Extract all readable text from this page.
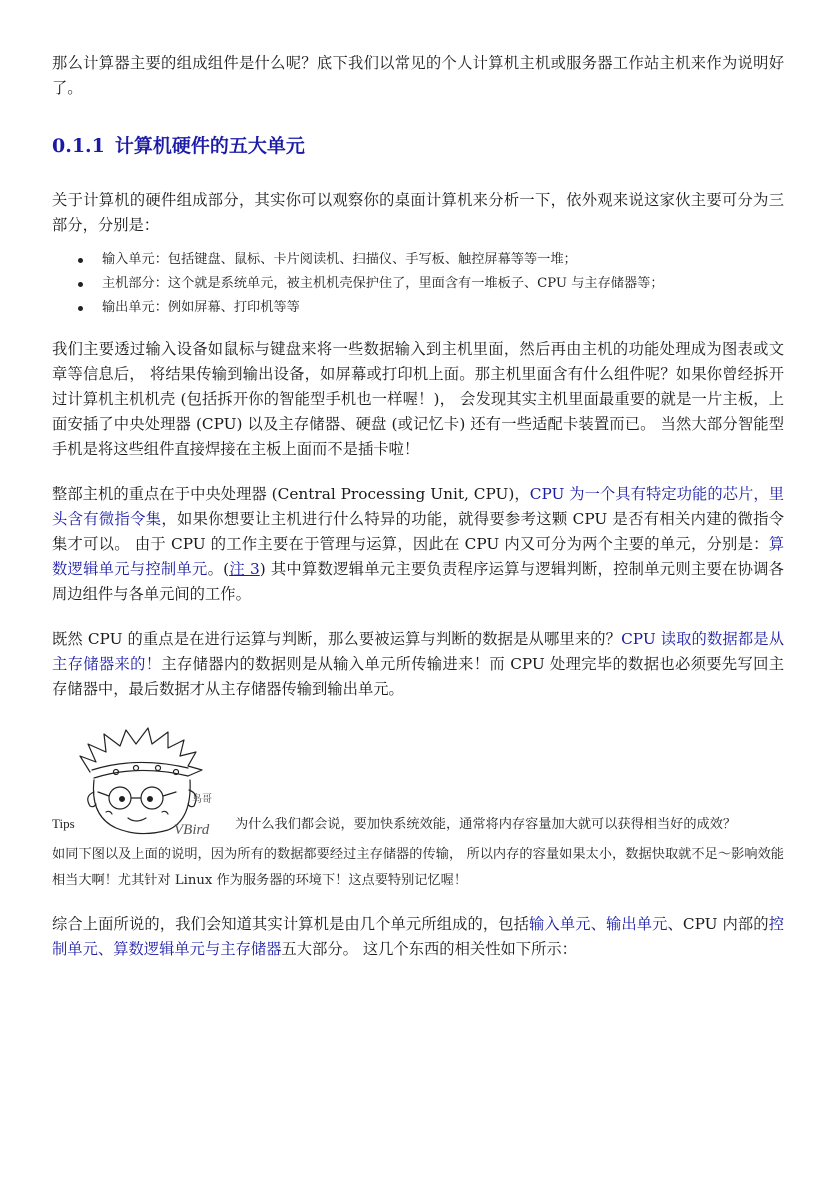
那么计算器主要的组成组件是什么呢？底下我们以常见的个人计算机主机或服务器工作站主机来作为说明好了。

0.1.1 计算机硬件的五大单元

关于计算机的硬件组成部分，其实你可以观察你的桌面计算机来分析一下，依外观来说这家伙主要可分为三部分，分别是：

输入单元：包括键盘、鼠标、卡片阅读机、扫描仪、手写板、触控屏幕等等一堆；
主机部分：这个就是系统单元，被主机机壳保护住了，里面含有一堆板子、CPU 与主存储器等；
输出单元：例如屏幕、打印机等等

我们主要透过输入设备如鼠标与键盘来将一些数据输入到主机里面，然后再由主机的功能处理成为图表或文章等信息后， 将结果传输到输出设备，如屏幕或打印机上面。那主机里面含有什么组件呢？如果你曾经拆开过计算机主机机壳 (包括拆开你的智能型手机也一样喔！)， 会发现其实主机里面最重要的就是一片主板，上面安插了中央处理器 (CPU) 以及主存储器、硬盘 (或记忆卡) 还有一些适配卡装置而已。 当然大部分智能型手机是将这些组件直接焊接在主板上面而不是插卡啦！

整部主机的重点在于中央处理器 (Central Processing Unit, CPU)，CPU 为一个具有特定功能的芯片，里头含有微指令集，如果你想要让主机进行什么特异的功能，就得要参考这颗 CPU 是否有相关内建的微指令集才可以。 由于 CPU 的工作主要在于管理与运算，因此在 CPU 内又可分为两个主要的单元，分别是：算数逻辑单元与控制单元。(注 3) 其中算数逻辑单元主要负责程序运算与逻辑判断，控制单元则主要在协调各周边组件与各单元间的工作。

既然 CPU 的重点是在进行运算与判断，那么要被运算与判断的数据是从哪里来的？CPU 读取的数据都是从主存储器来的！主存储器内的数据则是从输入单元所传输进来！而 CPU 处理完毕的数据也必须要先写回主存储器中，最后数据才从主存储器传输到输出单元。

Tips
鸟哥
VBird 为什么我们都会说，要加快系统效能，通常将内存容量加大就可以获得相当好的成效？

如同下图以及上面的说明，因为所有的数据都要经过主存储器的传输， 所以内存的容量如果太小，数据快取就不足～影响效能相当大啊！尤其针对 Linux 作为服务器的环境下！这点要特别记忆喔！

综合上面所说的，我们会知道其实计算机是由几个单元所组成的，包括输入单元、输出单元、CPU 内部的控制单元、算数逻辑单元与主存储器五大部分。 这几个东西的相关性如下所示：
